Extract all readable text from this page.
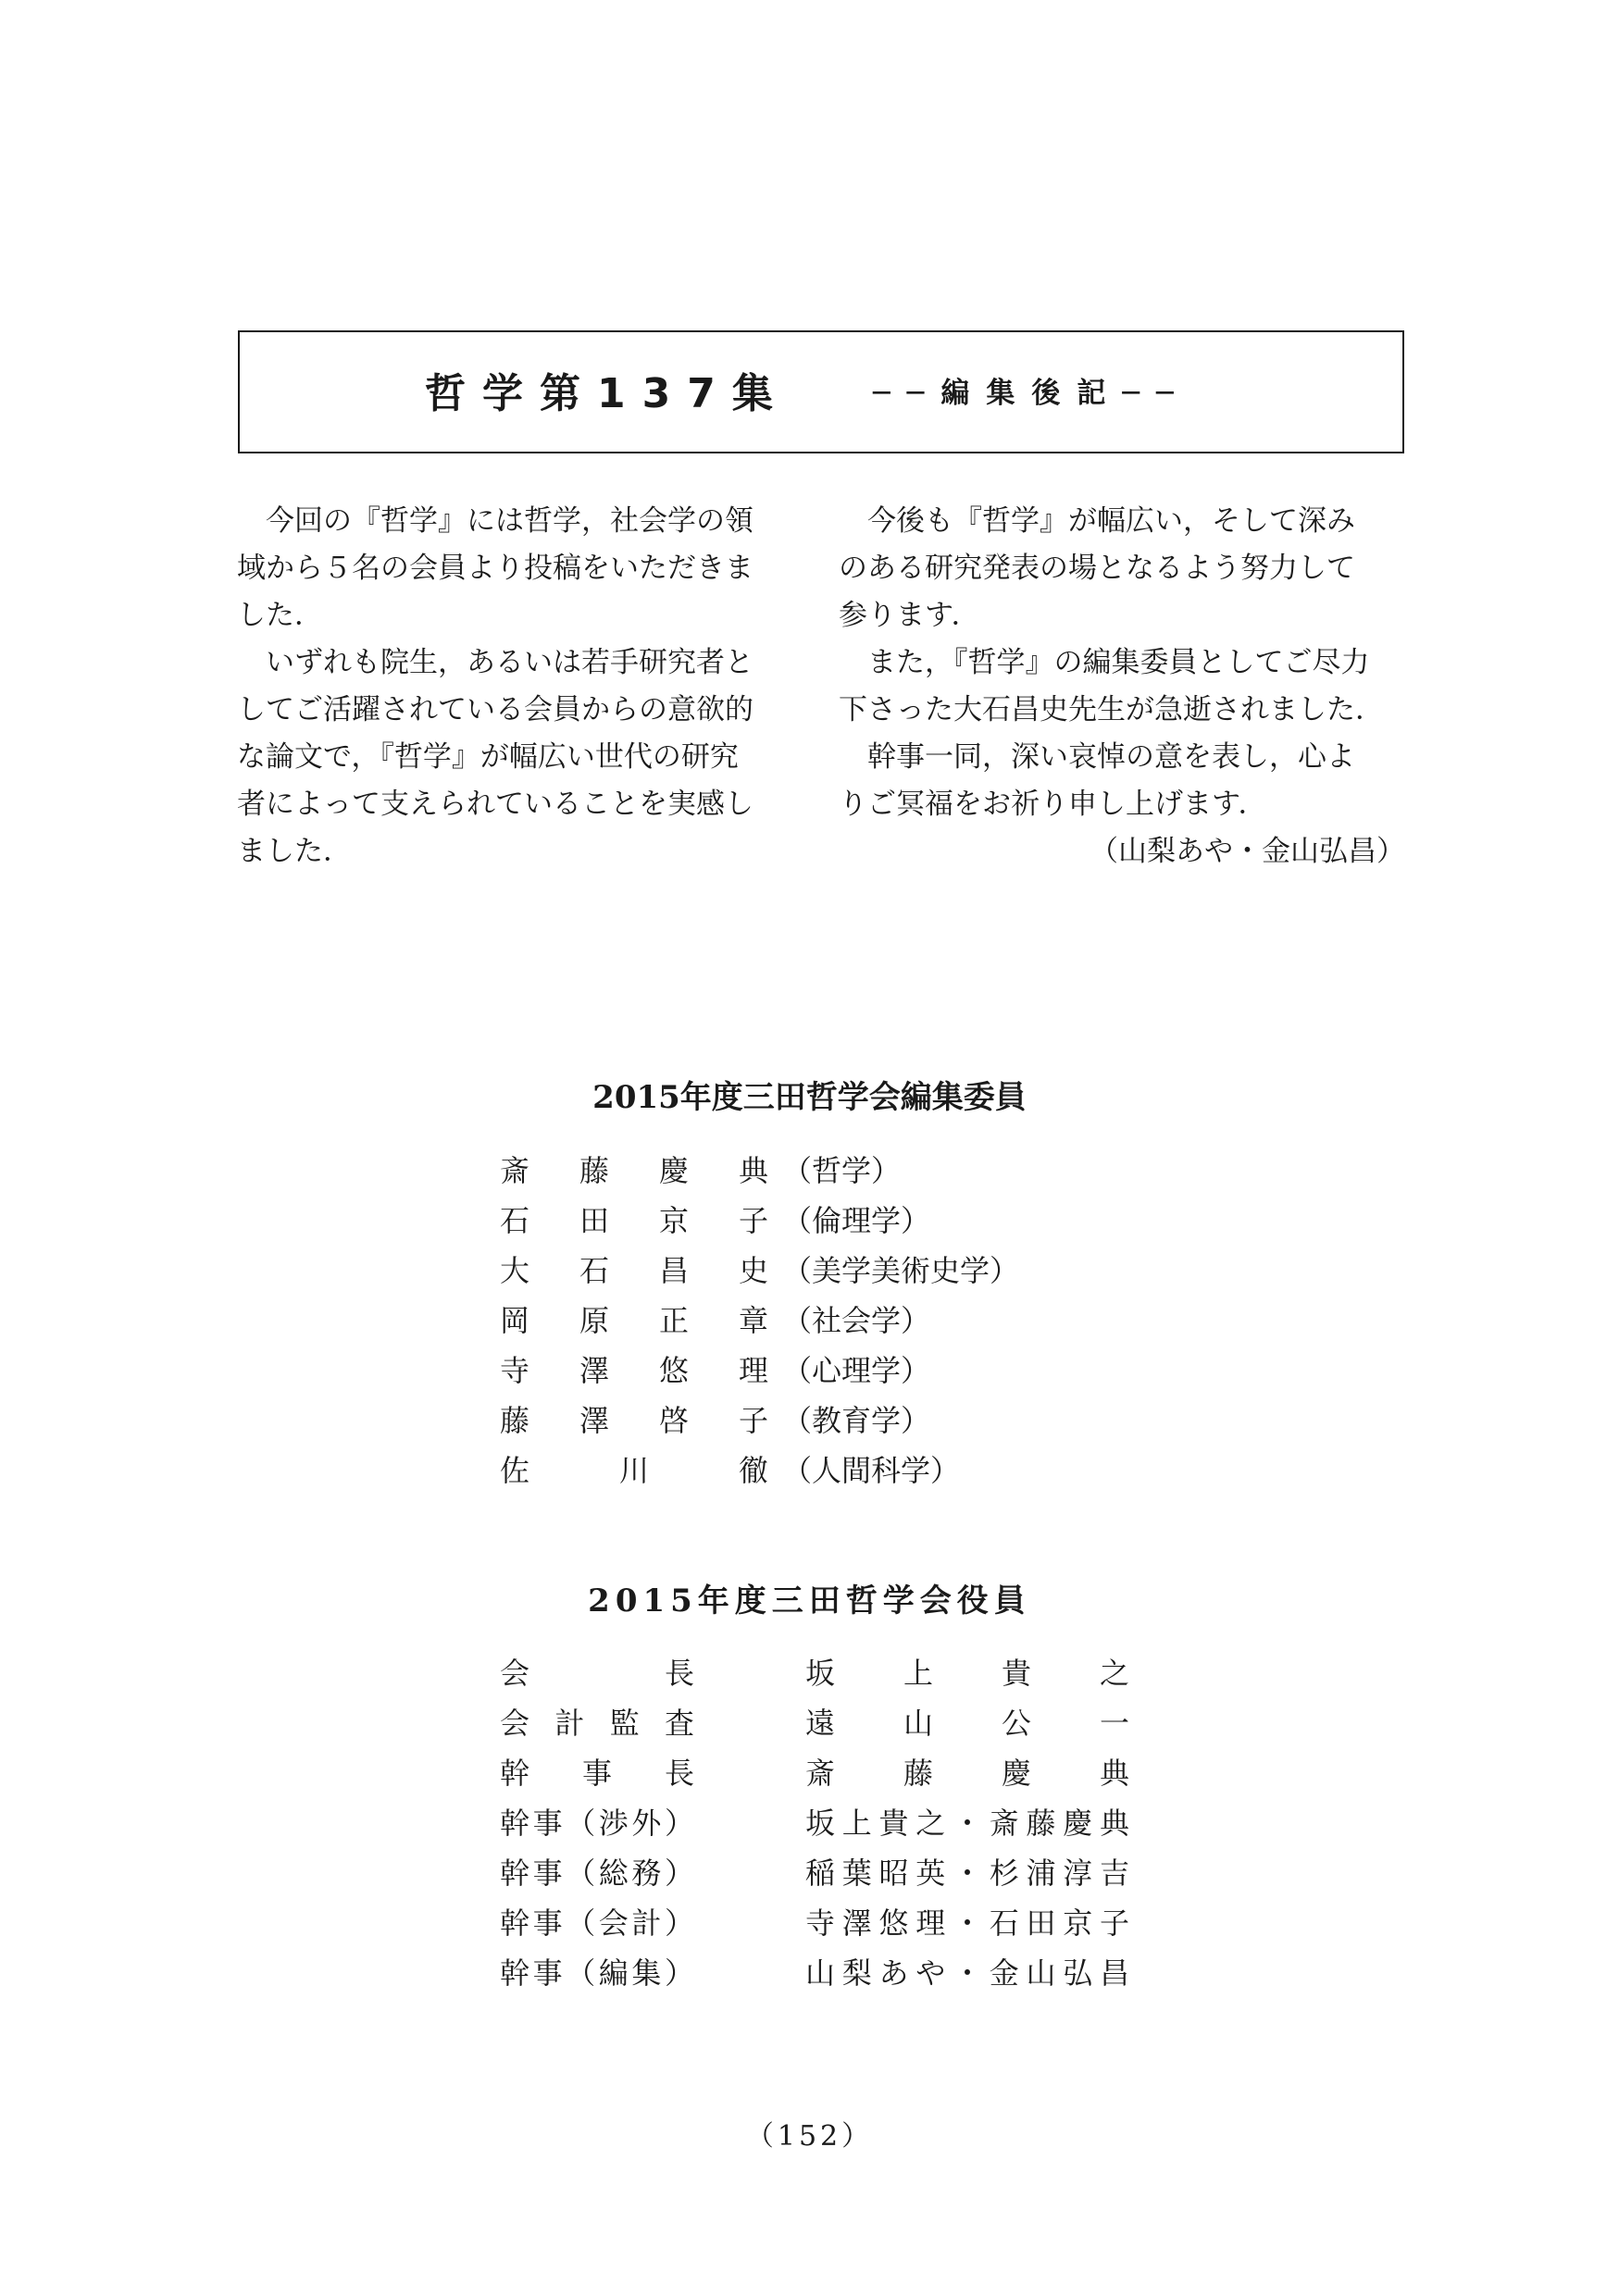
哲学第137集	──編集後記──
　今回の『哲学』には哲学，社会学の領
域から５名の会員より投稿をいただきま
した．
　いずれも院生，あるいは若手研究者と
してご活躍されている会員からの意欲的
な論文で，『哲学』が幅広い世代の研究
者によって支えられていることを実感し
ました．
　今後も『哲学』が幅広い，そして深み
のある研究発表の場となるよう努力して
参ります．
　また，『哲学』の編集委員としてご尽力
下さった大石昌史先生が急逝されました．
　幹事一同，深い哀悼の意を表し，心よ
りご冥福をお祈り申し上げます．
（山梨あや・金山弘昌）
2015年度三田哲学会編集委員
斎藤慶典 （哲学）
石田京子 （倫理学）
大石昌史 （美学美術史学）
岡原正章 （社会学）
寺澤悠理 （心理学）
藤澤啓子 （教育学）
佐川徹 （人間科学）
2015年度三田哲学会役員
会長	坂上貴之
会計監査	遠山公一
幹事長	斎藤慶典
幹事（渉外）	坂上貴之・斎藤慶典
幹事（総務）	稲葉昭英・杉浦淳吉
幹事（会計）	寺澤悠理・石田京子
幹事（編集）	山梨あや・金山弘昌
（152）
